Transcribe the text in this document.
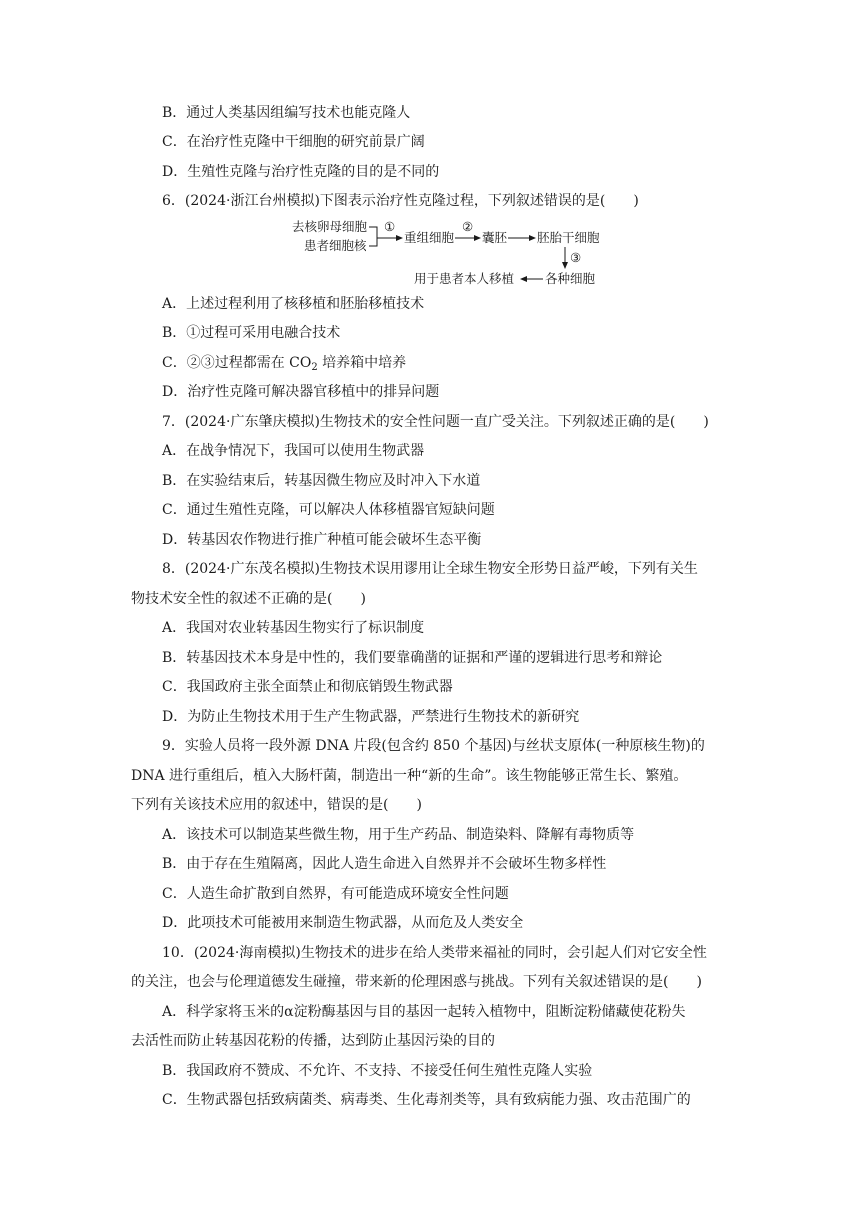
B．通过人类基因组编写技术也能克隆人
C．在治疗性克隆中干细胞的研究前景广阔
D．生殖性克隆与治疗性克隆的目的是不同的
6．(2024·浙江台州模拟)下图表示治疗性克隆过程，下列叙述错误的是(　　)
去核卵母细胞
患者细胞核
①
重组细胞
②
囊胚 胚胎干细胞
③
各种细胞
用于患者本人移植
A．上述过程利用了核移植和胚胎移植技术
B．①过程可采用电融合技术
C．②③过程都需在 $CO_2$ 培养箱中培养
D．治疗性克隆可解决器官移植中的排异问题
7．(2024·广东肇庆模拟)生物技术的安全性问题一直广受关注。下列叙述正确的是(　　)
A．在战争情况下，我国可以使用生物武器
B．在实验结束后，转基因微生物应及时冲入下水道
C．通过生殖性克隆，可以解决人体移植器官短缺问题
D．转基因农作物进行推广种植可能会破坏生态平衡
8．(2024·广东茂名模拟)生物技术误用谬用让全球生物安全形势日益严峻，下列有关生
物技术安全性的叙述不正确的是(　　)
A．我国对农业转基因生物实行了标识制度
B．转基因技术本身是中性的，我们要靠确凿的证据和严谨的逻辑进行思考和辩论
C．我国政府主张全面禁止和彻底销毁生物武器
D．为防止生物技术用于生产生物武器，严禁进行生物技术的新研究
9．实验人员将一段外源 DNA 片段(包含约 850 个基因)与丝状支原体(一种原核生物)的
DNA 进行重组后，植入大肠杆菌，制造出一种“新的生命”。该生物能够正常生长、繁殖。
下列有关该技术应用的叙述中，错误的是(　　)
A．该技术可以制造某些微生物，用于生产药品、制造染料、降解有毒物质等
B．由于存在生殖隔离，因此人造生命进入自然界并不会破坏生物多样性
C．人造生命扩散到自然界，有可能造成环境安全性问题
D．此项技术可能被用来制造生物武器，从而危及人类安全
10．(2024·海南模拟)生物技术的进步在给人类带来福祉的同时，会引起人们对它安全性
的关注，也会与伦理道德发生碰撞，带来新的伦理困惑与挑战。下列有关叙述错误的是(　　)
A．科学家将玉米的α淀粉酶基因与目的基因一起转入植物中，阻断淀粉储藏使花粉失
去活性而防止转基因花粉的传播，达到防止基因污染的目的
B．我国政府不赞成、不允许、不支持、不接受任何生殖性克隆人实验
C．生物武器包括致病菌类、病毒类、生化毒剂类等，具有致病能力强、攻击范围广的
